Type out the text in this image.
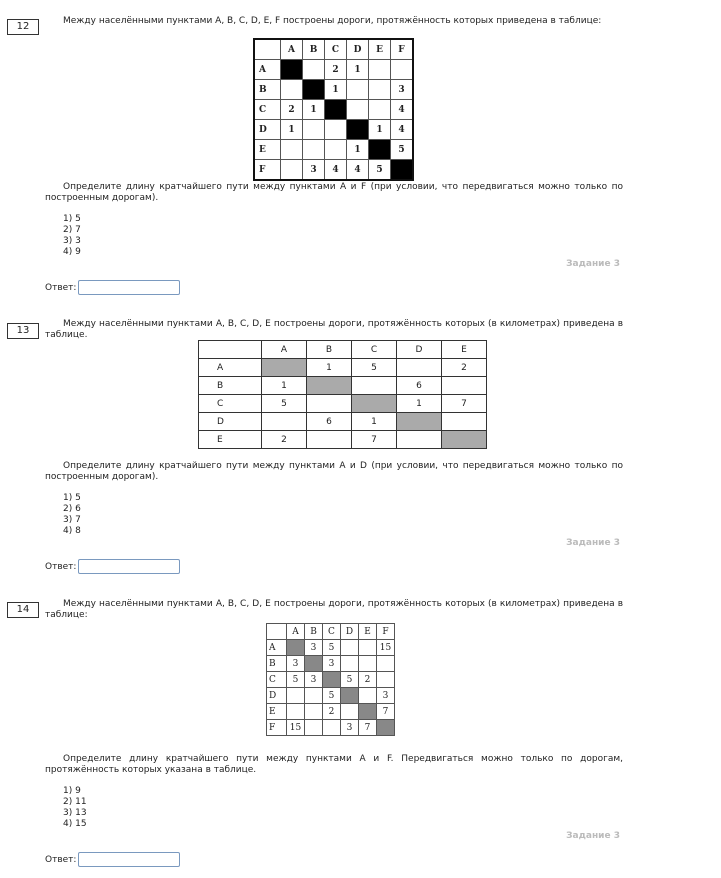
12	Между населёнными пунктами A, B, C, D, E, F построены дороги, протяжённость которых приведена в таблице:
	A	B	C	D	E	F
A			2	1		
B			1			3
C	2	1				4
D	1				1	4
E				1		5
F		3	4	4	5	
Определите длину кратчайшего пути между пунктами A и F (при условии, что передвигаться можно только по построенным дорогам).
1) 5
2) 7
3) 3
4) 9
Задание 3
Ответ:
13
Между населёнными пунктами A, B, C, D, E построены дороги, протяжённость которых (в километрах) приведена в таблице.
	A	B	C	D	E
A		1	5		2
B	1			6	
C	5			1	7
D		6	1		
E	2		7		
Определите длину кратчайшего пути между пунктами A и D (при условии, что передвигаться можно только по построенным дорогам).
1) 5
2) 6
3) 7
4) 8
Задание 3
Ответ:
14	Между населёнными пунктами A, B, C, D, E построены дороги, протяжённость которых (в километрах) приведена в таблице:
	A	B	C	D	E	F
A		3	5			15
B	3		3			
C	5	3		5	2	
D			5			3
E			2			7
F	15			3	7	
Определите длину кратчайшего пути между пунктами A и F. Передвигаться можно только по дорогам, протяжённость которых указана в таблице.
1) 9
2) 11
3) 13
4) 15
Задание 3
Ответ:
